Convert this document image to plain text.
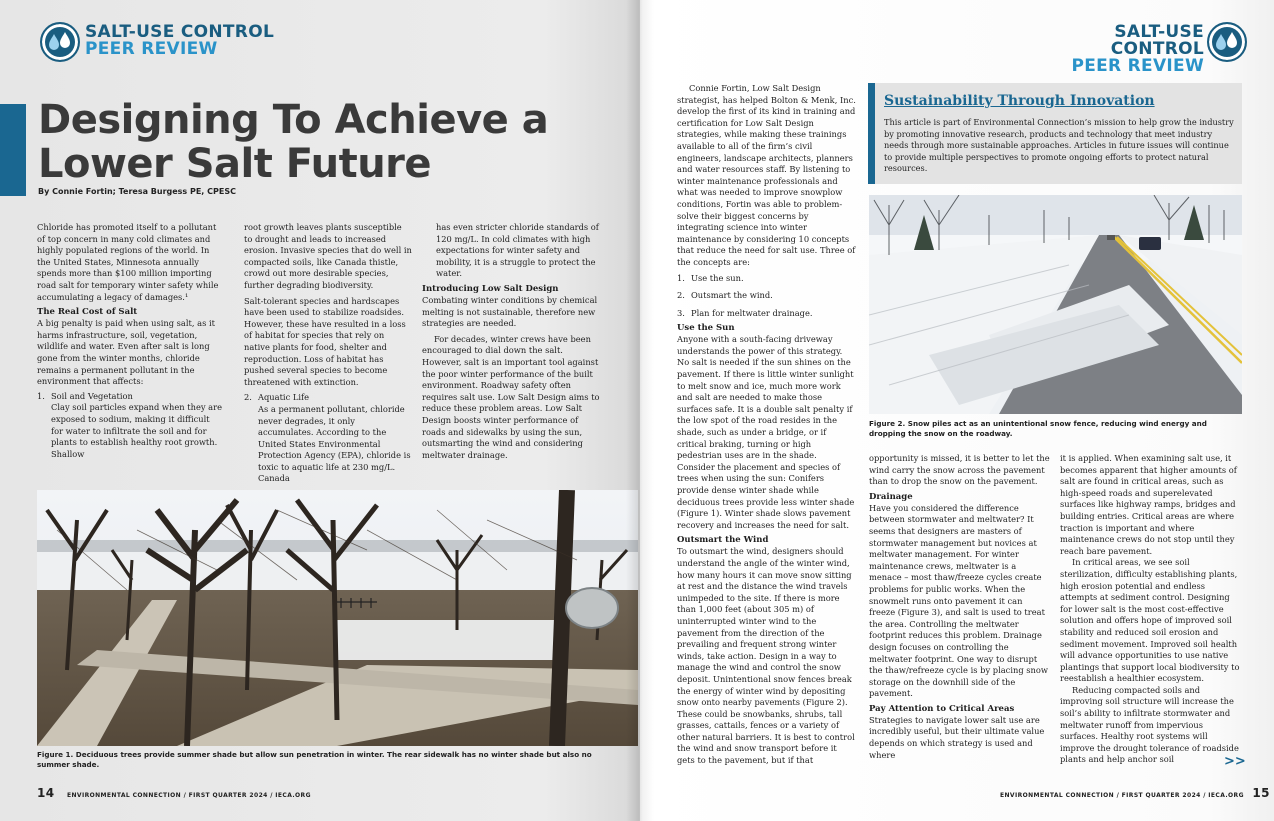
SALT-USE CONTROL
PEER REVIEW
Designing To Achieve a Lower Salt Future
By Connie Fortin; Teresa Burgess PE, CPESC

Chloride has promoted itself to a pollutant of top concern in many cold climates and highly populated regions of the world. In the United States, Minnesota annually spends more than $100 million importing road salt for temporary winter safety while accumulating a legacy of damages.¹

The Real Cost of Salt

A big penalty is paid when using salt, as it harms infrastructure, soil, vegetation, wildlife and water. Even after salt is long gone from the winter months, chloride remains a permanent pollutant in the environment that affects:

1. Soil and Vegetation

Clay soil particles expand when they are exposed to sodium, making it difficult for water to infiltrate the soil and for plants to establish healthy root growth. Shallow

root growth leaves plants susceptible to drought and leads to increased erosion. Invasive species that do well in compacted soils, like Canada thistle, crowd out more desirable species, further degrading biodiversity.

Salt-tolerant species and hardscapes have been used to stabilize roadsides. However, these have resulted in a loss of habitat for species that rely on native plants for food, shelter and reproduction. Loss of habitat has pushed several species to become threatened with extinction.

2. Aquatic Life

As a permanent pollutant, chloride never degrades, it only accumulates. According to the United States Environmental Protection Agency (EPA), chloride is toxic to aquatic life at 230 mg/L. Canada

has even stricter chloride standards of 120 mg/L. In cold climates with high expectations for winter safety and mobility, it is a struggle to protect the water.

Introducing Low Salt Design

Combating winter conditions by chemical melting is not sustainable, therefore new strategies are needed.

For decades, winter crews have been encouraged to dial down the salt. However, salt is an important tool against the poor winter performance of the built environment. Roadway safety often requires salt use. Low Salt Design aims to reduce these problem areas. Low Salt Design boosts winter performance of roads and sidewalks by using the sun, outsmarting the wind and considering meltwater drainage.

Figure 1. Deciduous trees provide summer shade but allow sun penetration in winter. The rear sidewalk has no winter shade but also no summer shade.
14 ENVIRONMENTAL CONNECTION / FIRST QUARTER 2024 / IECA.ORG
SALT-USE CONTROL
PEER REVIEW

Connie Fortin, Low Salt Design strategist, has helped Bolton & Menk, Inc. develop the first of its kind in training and certification for Low Salt Design strategies, while making these trainings available to all of the firm’s civil engineers, landscape architects, planners and water resources staff. By listening to winter maintenance professionals and what was needed to improve snowplow conditions, Fortin was able to problem-solve their biggest concerns by integrating science into winter maintenance by considering 10 concepts that reduce the need for salt use. Three of the concepts are:

1. Use the sun.
2. Outsmart the wind.
3. Plan for meltwater drainage.
Use the Sun

Anyone with a south-facing driveway understands the power of this strategy. No salt is needed if the sun shines on the pavement. If there is little winter sunlight to melt snow and ice, much more work and salt are needed to make those surfaces safe. It is a double salt penalty if the low spot of the road resides in the shade, such as under a bridge, or if critical braking, turning or high pedestrian uses are in the shade. Consider the placement and species of trees when using the sun: Conifers provide dense winter shade while deciduous trees provide less winter shade (Figure 1). Winter shade slows pavement recovery and increases the need for salt.

Outsmart the Wind

To outsmart the wind, designers should understand the angle of the winter wind, how many hours it can move snow sitting at rest and the distance the wind travels unimpeded to the site. If there is more than 1,000 feet (about 305 m) of uninterrupted winter wind to the pavement from the direction of the prevailing and frequent strong winter winds, take action. Design in a way to manage the wind and control the snow deposit. Unintentional snow fences break the energy of winter wind by depositing snow onto nearby pavements (Figure 2). These could be snowbanks, shrubs, tall grasses, cattails, fences or a variety of other natural barriers. It is best to control the wind and snow transport before it gets to the pavement, but if that

Sustainability Through Innovation
This article is part of Environmental Connection’s mission to help grow the industry by promoting innovative research, products and technology that meet industry needs through more sustainable approaches. Articles in future issues will continue to provide multiple perspectives to promote ongoing efforts to protect natural resources.
Figure 2. Snow piles act as an unintentional snow fence, reducing wind energy and dropping the snow on the roadway.

opportunity is missed, it is better to let the wind carry the snow across the pavement than to drop the snow on the pavement.

Drainage

Have you considered the difference between stormwater and meltwater? It seems that designers are masters of stormwater management but novices at meltwater management. For winter maintenance crews, meltwater is a menace – most thaw/freeze cycles create problems for public works. When the snowmelt runs onto pavement it can freeze (Figure 3), and salt is used to treat the area. Controlling the meltwater footprint reduces this problem. Drainage design focuses on controlling the meltwater footprint. One way to disrupt the thaw/refreeze cycle is by placing snow storage on the downhill side of the pavement.

Pay Attention to Critical Areas

Strategies to navigate lower salt use are incredibly useful, but their ultimate value depends on which strategy is used and where

it is applied. When examining salt use, it becomes apparent that higher amounts of salt are found in critical areas, such as high-speed roads and superelevated surfaces like highway ramps, bridges and building entries. Critical areas are where traction is important and where maintenance crews do not stop until they reach bare pavement.

In critical areas, we see soil sterilization, difficulty establishing plants, high erosion potential and endless attempts at sediment control. Designing for lower salt is the most cost-effective solution and offers hope of improved soil stability and reduced soil erosion and sediment movement. Improved soil health will advance opportunities to use native plantings that support local biodiversity to reestablish a healthier ecosystem.

Reducing compacted soils and improving soil structure will increase the soil’s ability to infiltrate stormwater and meltwater runoff from impervious surfaces. Healthy root systems will improve the drought tolerance of roadside plants and help anchor soil	>>
ENVIRONMENTAL CONNECTION / FIRST QUARTER 2024 / IECA.ORG 15
